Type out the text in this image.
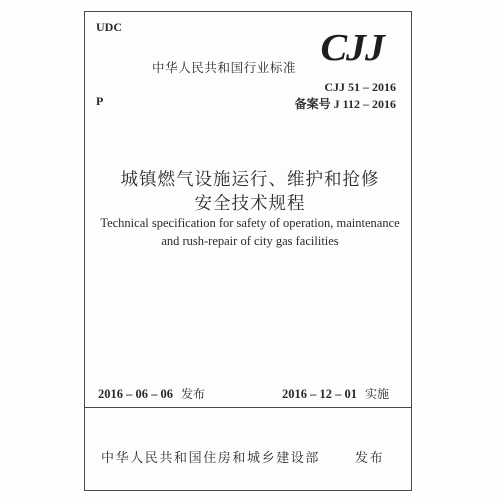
UDC
中华人民共和国行业标准 CJJ
CJJ 51 – 2016
P	备案号 J 112 – 2016
城镇燃气设施运行、维护和抢修
安全技术规程
Technical specification for safety of operation, maintenance
and rush-repair of city gas facilities
2016 – 06 – 06 发布	2016 – 12 – 01 实施
中华人民共和国住房和城乡建设部	发布
